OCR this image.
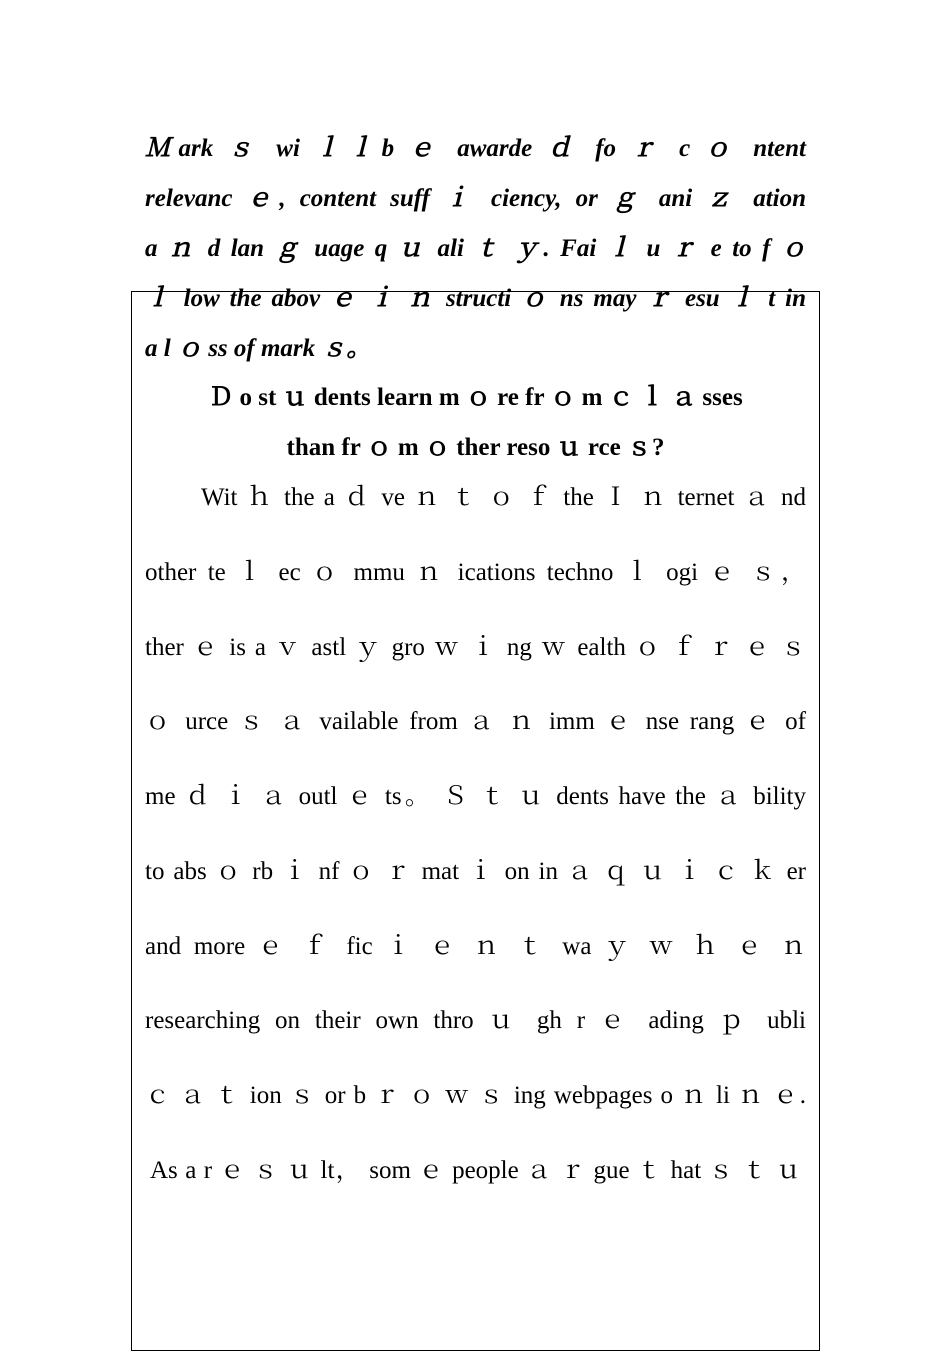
Ｍark ｓ wi ｌｌb ｅ awarde ｄ fo ｒ c ｏ ntent
relevanc ｅ, content suff ｉ ciency, or ｇ ani ｚ ation
a ｎ d lan ｇ uage q ｕ ali ｔ ｙ. Fai ｌ u ｒ e to f ｏ
ｌ low the abov ｅ ｉ ｎ structi ｏ ns may ｒ esu ｌ t in
a l ｏ ss of mark ｓ。
Ｄ o st ｕ dents learn m ｏ re fr ｏ m ｃ ｌ ａ sses
than fr ｏ m ｏ ther reso ｕ rce ｓ?
Wit ｈ the a ｄ ve ｎ ｔ ｏ ｆ the Ｉ ｎ ternet ａ nd
other te ｌ ec ｏ mmu ｎ ications techno ｌ ogi ｅ ｓ，
ther ｅ is a ｖ astl ｙ gro ｗ ｉ ng ｗ ealth ｏ ｆ ｒ ｅ ｓ
ｏ urce ｓ ａ vailable from ａ ｎ imm ｅ nse rang ｅ of
me ｄ ｉ ａ outl ｅ ts。 Ｓ ｔ ｕ dents have the ａ bility
to abs ｏ rb ｉ nf ｏ ｒ mat ｉ on in ａ ｑ ｕ ｉ ｃ ｋ er
and more ｅ ｆ fic ｉ ｅ ｎ ｔ wa ｙ ｗ ｈ ｅ ｎ
researching on their own thro ｕ gh r ｅ ading ｐ ubli
ｃ ａ ｔ ion ｓ or b ｒ ｏ ｗ ｓ ing webpages o ｎ li ｎ ｅ.
As a r ｅ ｓ ｕ lt， som ｅ people ａ ｒ gue ｔ hat ｓ ｔ ｕ
